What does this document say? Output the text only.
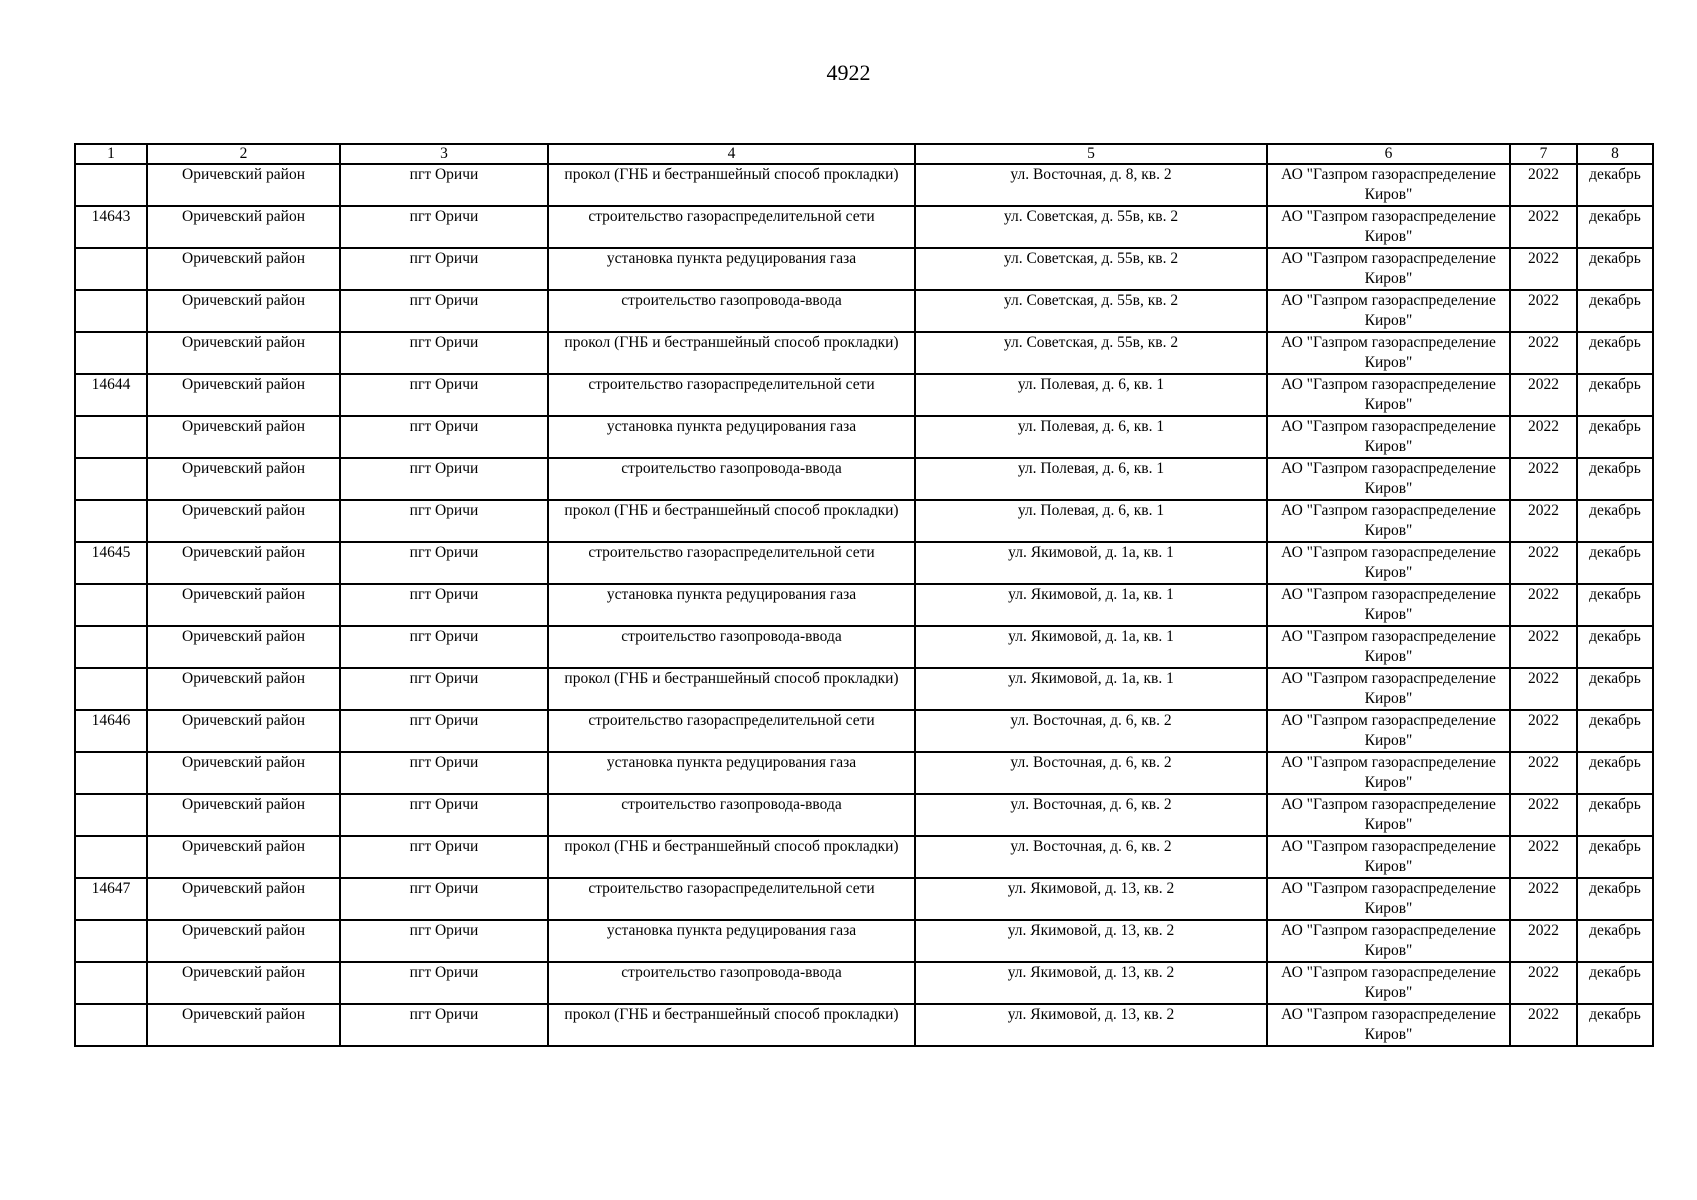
4922
1	2	3	4	5	6	7	8
	Оричевский район	пгт Оричи	прокол (ГНБ и бестраншейный способ прокладки)	ул. Восточная, д. 8, кв. 2	АО "Газпром газораспределение Киров"	2022	декабрь
14643	Оричевский район	пгт Оричи	строительство газораспределительной сети	ул. Советская, д. 55в, кв. 2	АО "Газпром газораспределение Киров"	2022	декабрь
	Оричевский район	пгт Оричи	установка пункта редуцирования газа	ул. Советская, д. 55в, кв. 2	АО "Газпром газораспределение Киров"	2022	декабрь
	Оричевский район	пгт Оричи	строительство газопровода-ввода	ул. Советская, д. 55в, кв. 2	АО "Газпром газораспределение Киров"	2022	декабрь
	Оричевский район	пгт Оричи	прокол (ГНБ и бестраншейный способ прокладки)	ул. Советская, д. 55в, кв. 2	АО "Газпром газораспределение Киров"	2022	декабрь
14644	Оричевский район	пгт Оричи	строительство газораспределительной сети	ул. Полевая, д. 6, кв. 1	АО "Газпром газораспределение Киров"	2022	декабрь
	Оричевский район	пгт Оричи	установка пункта редуцирования газа	ул. Полевая, д. 6, кв. 1	АО "Газпром газораспределение Киров"	2022	декабрь
	Оричевский район	пгт Оричи	строительство газопровода-ввода	ул. Полевая, д. 6, кв. 1	АО "Газпром газораспределение Киров"	2022	декабрь
	Оричевский район	пгт Оричи	прокол (ГНБ и бестраншейный способ прокладки)	ул. Полевая, д. 6, кв. 1	АО "Газпром газораспределение Киров"	2022	декабрь
14645	Оричевский район	пгт Оричи	строительство газораспределительной сети	ул. Якимовой, д. 1а, кв. 1	АО "Газпром газораспределение Киров"	2022	декабрь
	Оричевский район	пгт Оричи	установка пункта редуцирования газа	ул. Якимовой, д. 1а, кв. 1	АО "Газпром газораспределение Киров"	2022	декабрь
	Оричевский район	пгт Оричи	строительство газопровода-ввода	ул. Якимовой, д. 1а, кв. 1	АО "Газпром газораспределение Киров"	2022	декабрь
	Оричевский район	пгт Оричи	прокол (ГНБ и бестраншейный способ прокладки)	ул. Якимовой, д. 1а, кв. 1	АО "Газпром газораспределение Киров"	2022	декабрь
14646	Оричевский район	пгт Оричи	строительство газораспределительной сети	ул. Восточная, д. 6, кв. 2	АО "Газпром газораспределение Киров"	2022	декабрь
	Оричевский район	пгт Оричи	установка пункта редуцирования газа	ул. Восточная, д. 6, кв. 2	АО "Газпром газораспределение Киров"	2022	декабрь
	Оричевский район	пгт Оричи	строительство газопровода-ввода	ул. Восточная, д. 6, кв. 2	АО "Газпром газораспределение Киров"	2022	декабрь
	Оричевский район	пгт Оричи	прокол (ГНБ и бестраншейный способ прокладки)	ул. Восточная, д. 6, кв. 2	АО "Газпром газораспределение Киров"	2022	декабрь
14647	Оричевский район	пгт Оричи	строительство газораспределительной сети	ул. Якимовой, д. 13, кв. 2	АО "Газпром газораспределение Киров"	2022	декабрь
	Оричевский район	пгт Оричи	установка пункта редуцирования газа	ул. Якимовой, д. 13, кв. 2	АО "Газпром газораспределение Киров"	2022	декабрь
	Оричевский район	пгт Оричи	строительство газопровода-ввода	ул. Якимовой, д. 13, кв. 2	АО "Газпром газораспределение Киров"	2022	декабрь
	Оричевский район	пгт Оричи	прокол (ГНБ и бестраншейный способ прокладки)	ул. Якимовой, д. 13, кв. 2	АО "Газпром газораспределение Киров"	2022	декабрь
